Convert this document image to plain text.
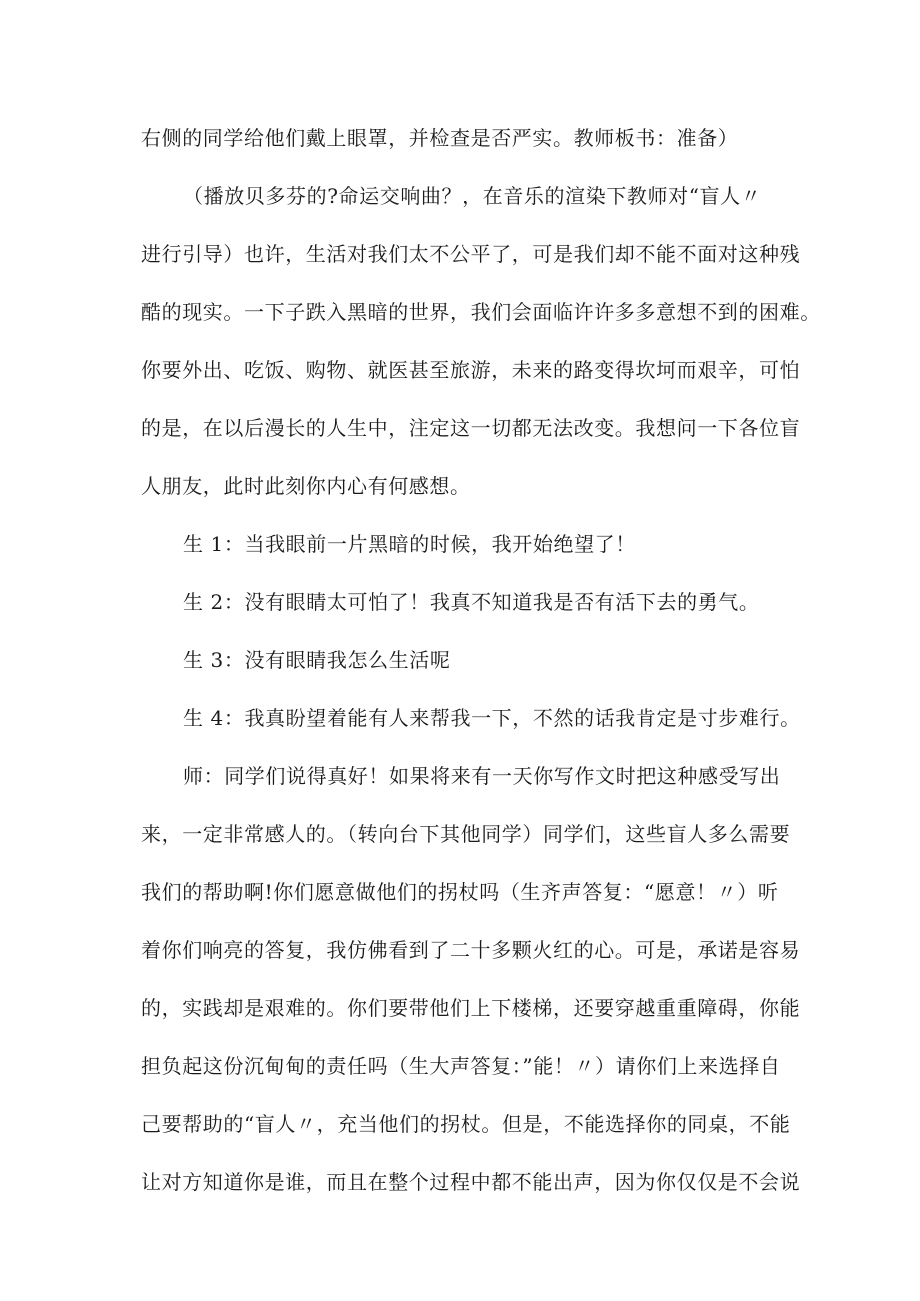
右侧的同学给他们戴上眼罩，并检查是否严实。教师板书：准备）
（播放贝多芬的?命运交响曲？，在音乐的渲染下教师对“盲人〃
进行引导）也许，生活对我们太不公平了，可是我们却不能不面对这种残
酷的现实。一下子跌入黑暗的世界，我们会面临许许多多意想不到的困难。
你要外出、吃饭、购物、就医甚至旅游，未来的路变得坎坷而艰辛，可怕
的是，在以后漫长的人生中，注定这一切都无法改变。我想问一下各位盲
人朋友，此时此刻你内心有何感想。
生 1：当我眼前一片黑暗的时候，我开始绝望了！
生 2：没有眼睛太可怕了！我真不知道我是否有活下去的勇气。
生 3：没有眼睛我怎么生活呢
生 4：我真盼望着能有人来帮我一下，不然的话我肯定是寸步难行。
师：同学们说得真好！如果将来有一天你写作文时把这种感受写出
来，一定非常感人的。（转向台下其他同学）同学们，这些盲人多么需要
我们的帮助啊!你们愿意做他们的拐杖吗（生齐声答复：“愿意！〃）听
着你们响亮的答复，我仿佛看到了二十多颗火红的心。可是，承诺是容易
的，实践却是艰难的。你们要带他们上下楼梯，还要穿越重重障碍，你能
担负起这份沉甸甸的责任吗（生大声答复：”能！〃）请你们上来选择自
己要帮助的“盲人〃，充当他们的拐杖。但是，不能选择你的同桌，不能
让对方知道你是谁，而且在整个过程中都不能出声，因为你仅仅是不会说
